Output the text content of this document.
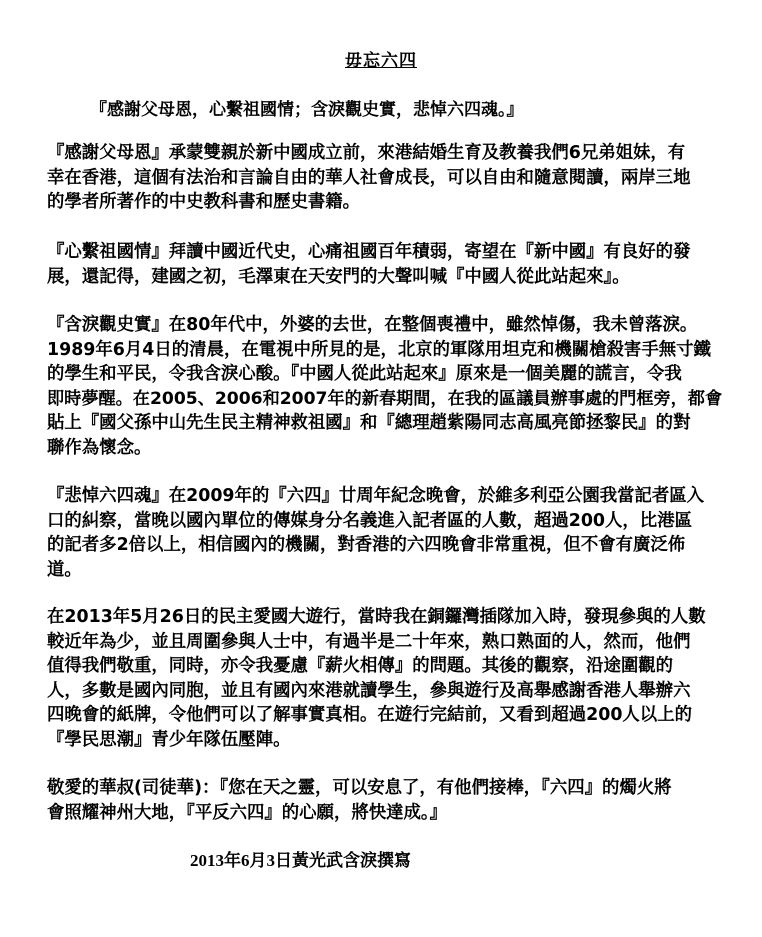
毋忘六四
『感謝父母恩，心繫祖國情；含淚觀史實，悲悼六四魂。』
『感謝父母恩』承蒙雙親於新中國成立前，來港結婚生育及教養我們6兄弟姐妹，有
幸在香港，這個有法治和言論自由的華人社會成長，可以自由和隨意閱讀，兩岸三地
的學者所著作的中史教科書和歷史書籍。
『心繫祖國情』拜讀中國近代史，心痛祖國百年積弱，寄望在『新中國』有良好的發
展，還記得，建國之初，毛澤東在天安門的大聲叫喊『中國人從此站起來』。
『含淚觀史實』在80年代中，外婆的去世，在整個喪禮中，雖然悼傷，我未曾落淚。
1989年6月4日的清晨，在電視中所見的是，北京的軍隊用坦克和機關槍殺害手無寸鐵
的學生和平民，令我含淚心酸。『中國人從此站起來』原來是一個美麗的謊言，令我
即時夢醒。在2005、2006和2007年的新春期間，在我的區議員辦事處的門框旁，都會
貼上『國父孫中山先生民主精神救祖國』和『總理趙紫陽同志高風亮節拯黎民』的對
聯作為懷念。
『悲悼六四魂』在2009年的『六四』廿周年紀念晚會，於維多利亞公園我當記者區入
口的糾察，當晚以國內單位的傳媒身分名義進入記者區的人數，超過200人，比港區
的記者多2倍以上，相信國內的機關，對香港的六四晚會非常重視，但不會有廣泛佈
道。
在2013年5月26日的民主愛國大遊行，當時我在銅鑼灣插隊加入時，發現參與的人數
較近年為少，並且周圍參與人士中，有過半是二十年來，熟口熟面的人，然而，他們
值得我們敬重，同時，亦令我憂慮『薪火相傳』的問題。其後的觀察，沿途圍觀的
人，多數是國內同胞，並且有國內來港就讀學生，參與遊行及高舉感謝香港人舉辦六
四晚會的紙牌，令他們可以了解事實真相。在遊行完結前，又看到超過200人以上的
『學民思潮』青少年隊伍壓陣。
敬愛的華叔(司徒華)：『您在天之靈，可以安息了，有他們接棒，『六四』的燭火將
會照耀神州大地，『平反六四』的心願，將快達成。』
2013年6月3日黃光武含淚撰寫
